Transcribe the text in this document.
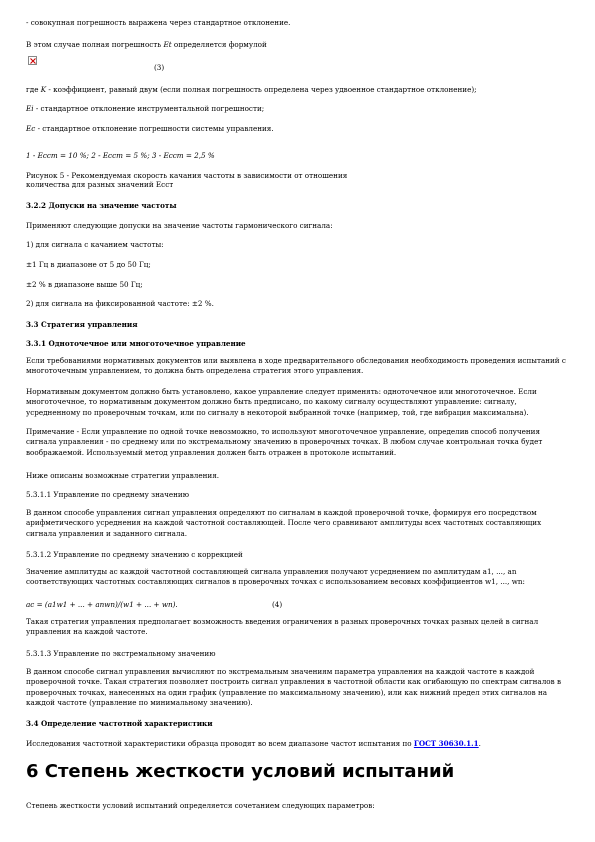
- совокупная погрешность выражена через стандартное отклонение.
В этом случае полная погрешность Et определяется формулой
(3)
где K - коэффициент, равный двум (если полная погрешность определена через удвоенное стандартное отклонение);
Ei - стандартное отклонение инструментальной погрешности;
Ec - стандартное отклонение погрешности системы управления.
1 - Eсст = 10 %; 2 - Eсст = 5 %; 3 - Eсст = 2,5 %
Рисунок 5 - Рекомендуемая скорость качания частоты в зависимости от отношения
количества для разных значений Eсст
3.2.2 Допуски на значение частоты
Применяют следующие допуски на значение частоты гармонического сигнала:
1) для сигнала с качанием частоты:
±1 Гц в диапазоне от 5 до 50 Гц;
±2 % в диапазоне выше 50 Гц;
2) для сигнала на фиксированной частоте: ±2 %.
3.3 Стратегия управления
3.3.1 Одноточечное или многоточечное управление
Если требованиями нормативных документов или выявлена в ходе предварительного обследования необходимость проведения испытаний с многоточечным управлением, то должна быть определена стратегия этого управления.
Нормативным документом должно быть установлено, какое управление следует применять: одноточечное или многоточечное. Если многоточечное, то нормативным документом должно быть предписано, по какому сигналу осуществляют управление: сигналу, усредненному по проверочным точкам, или по сигналу в некоторой выбранной точке (например, той, где вибрация максимальна).
Примечание - Если управление по одной точке невозможно, то используют многоточечное управление, определив способ получения сигнала управления - по среднему или по экстремальному значению в проверочных точках. В любом случае контрольная точка будет воображаемой. Используемый метод управления должен быть отражен в протоколе испытаний.
Ниже описаны возможные стратегии управления.
5.3.1.1 Управление по среднему значению
В данном способе управления сигнал управления определяют по сигналам в каждой проверочной точке, формируя его посредством арифметического усреднения на каждой частотной составляющей. После чего сравнивают амплитуды всех частотных составляющих сигнала управления и заданного сигнала.
5.3.1.2 Управление по среднему значению с коррекцией
Значение амплитуды ас каждой частотной составляющей сигнала управления получают усреднением по амплитудам а1, ..., аn соответствующих частотных составляющих сигналов в проверочных точках с использованием весовых коэффициентов w1, ..., wn:
ас = (a1w1 + ... + anwn)/(w1 + ... + wn).	(4)
Такая стратегия управления предполагает возможность введения ограничения в разных проверочных точках разных целей в сигнал управления на каждой частоте.
5.3.1.3 Управление по экстремальному значению
В данном способе сигнал управления вычисляют по экстремальным значениям параметра управления на каждой частоте в каждой проверочной точке. Такая стратегия позволяет построить сигнал управления в частотной области как огибающую по спектрам сигналов в проверочных точках, нанесенных на один график (управление по максимальному значению), или как нижний предел этих сигналов на каждой частоте (управление по минимальному значению).
3.4 Определение частотной характеристики
Исследования частотной характеристики образца проводят во всем диапазоне частот испытания по ГОСТ 30630.1.1.
6 Степень жесткости условий испытаний
Степень жесткости условий испытаний определяется сочетанием следующих параметров:
